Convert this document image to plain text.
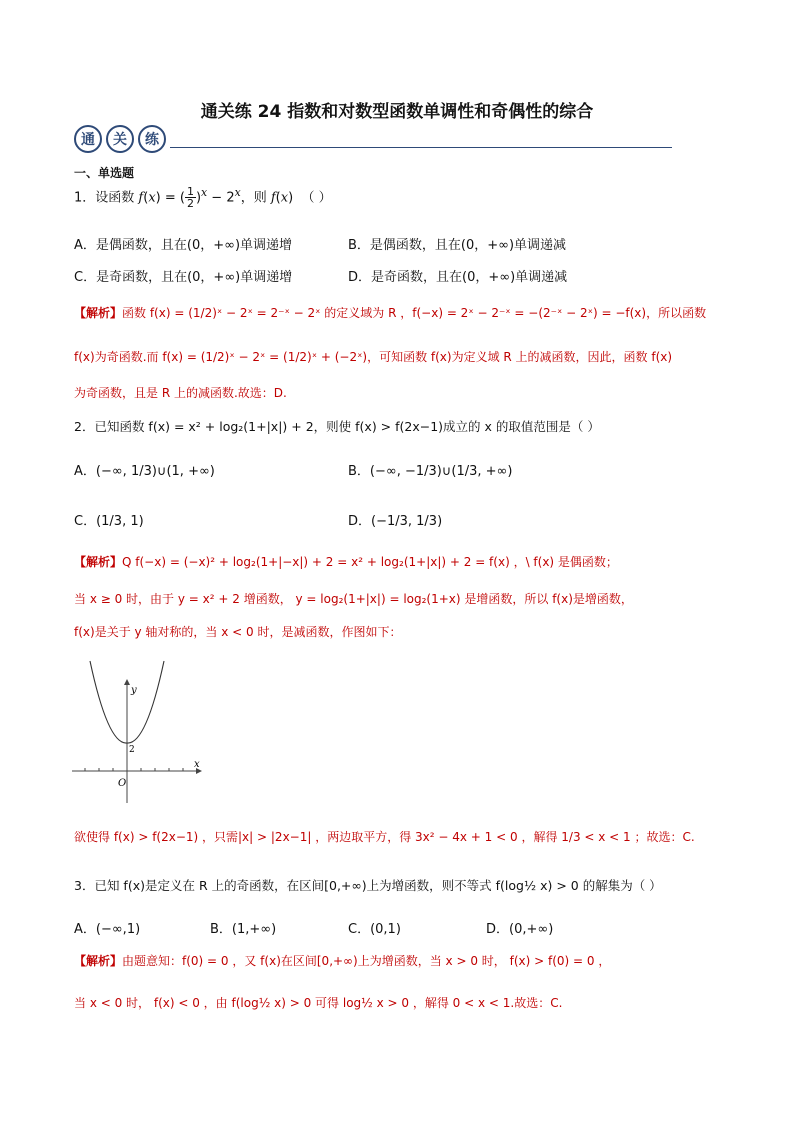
通关练 24 指数和对数型函数单调性和奇偶性的综合
通 关 练
一、单选题
1．设函数 f(x) = ( $\frac{1}{2} )^x - 2^x$，则 f(x)  （ ）
A．是偶函数，且在(0，+∞)单调递增	B．是偶函数，且在(0，+∞)单调递减
C．是奇函数，且在(0，+∞)单调递增	D．是奇函数，且在(0，+∞)单调递减
【解析】函数 f(x) = (1/2)ˣ − 2ˣ = 2⁻ˣ − 2ˣ 的定义域为 R ，f(−x) = 2ˣ − 2⁻ˣ = −(2⁻ˣ − 2ˣ) = −f(x)，所以函数
f(x)为奇函数.而 f(x) = (1/2)ˣ − 2ˣ = (1/2)ˣ + (−2ˣ)，可知函数 f(x)为定义域 R 上的减函数，因此，函数 f(x)
为奇函数，且是 R 上的减函数.故选：D.
2．已知函数 f(x) = x² + log₂(1+|x|) + 2，则使 f(x) > f(2x−1)成立的 x 的取值范围是（ ）
A．(−∞, 1/3)∪(1, +∞)	B．(−∞, −1/3)∪(1/3, +∞)
C．(1/3, 1)	D．(−1/3, 1/3)
【解析】Q f(−x) = (−x)² + log₂(1+|−x|) + 2 = x² + log₂(1+|x|) + 2 = f(x) ，\ f(x) 是偶函数；
当 x ≥ 0 时，由于 y = x² + 2 增函数， y = log₂(1+|x|) = log₂(1+x) 是增函数，所以 f(x)是增函数，
f(x)是关于 y 轴对称的，当 x < 0 时，是减函数，作图如下：
y
x
O
2
欲使得 f(x) > f(2x−1) ，只需|x| > |2x−1| ，两边取平方，得 3x² − 4x + 1 < 0 ，解得 1/3 < x < 1 ；故选：C.
3．已知 f(x)是定义在 R 上的奇函数，在区间[0,+∞)上为增函数，则不等式 f(log½ x) > 0 的解集为（ ）
A．(−∞,1)	B．(1,+∞)	C．(0,1)	D．(0,+∞)
【解析】由题意知：f(0) = 0 ，又 f(x)在区间[0,+∞)上为增函数，当 x > 0 时， f(x) > f(0) = 0 ，
当 x < 0 时， f(x) < 0 ，由 f(log½ x) > 0 可得 log½ x > 0 ，解得 0 < x < 1.故选：C.
